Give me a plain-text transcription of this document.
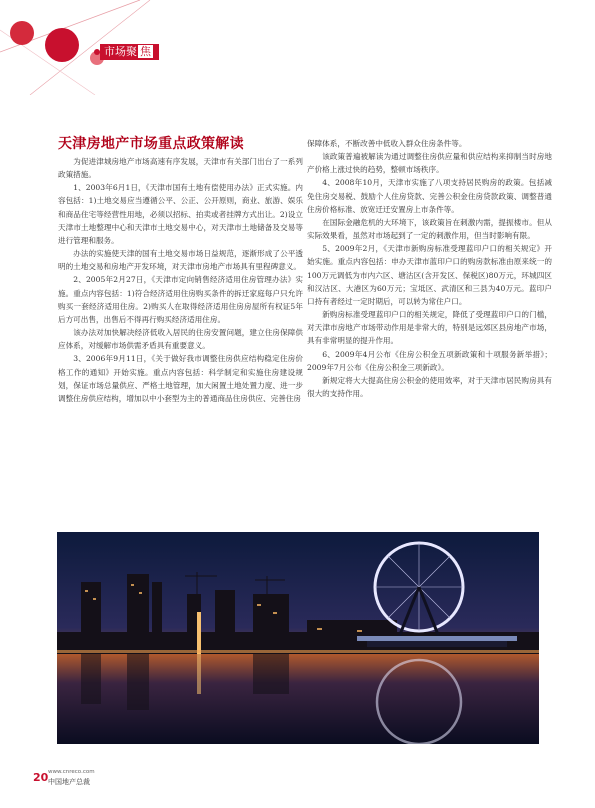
市场聚 焦
天津房地产市场重点政策解读

为促进津城房地产市场高速有序发展，天津市有关部门出台了一系列政策措施。

1、2003年6月1日，《天津市国有土地有偿使用办法》正式实施。内容包括：1)土地交易应当遵循公平、公正、公开原则，商业、旅游、娱乐和商品住宅等经营性用地，必须以招标、拍卖或者挂牌方式出让。2)设立天津市土地整理中心和天津市土地交易中心，对天津市土地储备及交易等进行管理和服务。

办法的实施使天津的国有土地交易市场日益规范，逐渐形成了公平透明的土地交易和房地产开发环境，对天津市房地产市场具有里程碑意义。

2、2005年2月27日，《天津市定向销售经济适用住房管理办法》实施。重点内容包括：1)符合经济适用住房购买条件的拆迁家庭每户只允许购买一套经济适用住房。2)购买人在取得经济适用住房房屋所有权证5年后方可出售，出售后不得再行购买经济适用住房。

该办法对加快解决经济低收入居民的住房安置问题，建立住房保障供应体系，对缓解市场供需矛盾具有重要意义。

3、2006年9月11日，《关于做好我市调整住房供应结构稳定住房价格工作的通知》开始实施。重点内容包括：科学制定和实施住房建设规划，保证市场总量供应、严格土地管理，加大闲置土地处置力度、进一步调整住房供应结构，增加以中小套型为主的普通商品住房供应、完善住房

保障体系，不断改善中低收入群众住房条件等。

该政策普遍被解读为通过调整住房供应量和供应结构来抑制当时房地产价格上涨过快的趋势，整顿市场秩序。

4、2008年10月，天津市实施了八项支持居民购房的政策。包括减免住房交易税、鼓励个人住房贷款、完善公积金住房贷款政策、调整普通住房价格标准、放宽迁迁安置房上市条件等。

在国际金融危机的大环境下，该政策旨在刺激内需，提振楼市。但从实际效果看，虽然对市场起到了一定的刺激作用，但当时影响有限。

5、2009年2月，《天津市新购房标准受理蓝印户口的相关规定》开始实施。重点内容包括：申办天津市蓝印户口的购房款标准由原来统一的100万元调低为市内六区、塘沽区(含开发区、保税区)80万元，环城四区和汉沽区、大港区为60万元；宝坻区、武清区和三县为40万元。蓝印户口持有者经过一定时期后，可以转为常住户口。

新购房标准受理蓝印户口的相关规定，降低了受理蓝印户口的门槛，对天津市房地产市场带动作用是非常大的，特别是远郊区县房地产市场，具有非常明显的提升作用。

6、2009年4月公布《住房公积金五项新政策和十项服务新举措》；2009年7月公布《住房公积金三项新政》。

新规定将大大提高住房公积金的使用效率，对于天津市居民购房具有很大的支持作用。

20 www.cnreco.com
中国地产总裁
